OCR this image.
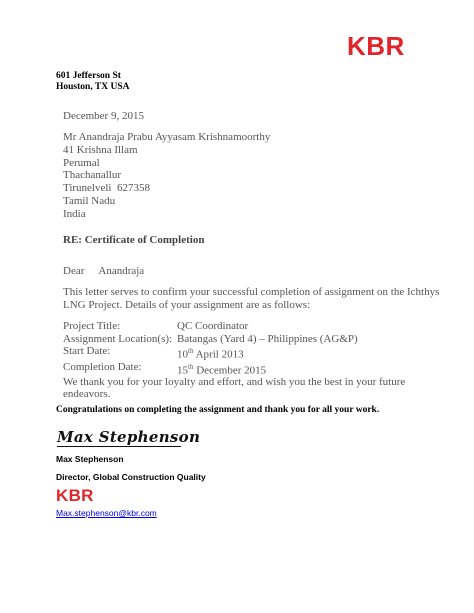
KBR
601 Jefferson St
Houston, TX USA
December 9, 2015
Mr Anandraja Prabu Ayyasam Krishnamoorthy
41 Krishna Illam
Perumal
Thachanallur
Tirunelveli  627358
Tamil Nadu
India
RE: Certificate of Completion
Dear Anandraja
This letter serves to confirm your successful completion of assignment on the Ichthys LNG Project. Details of your assignment are as follows:
Project Title:	QC Coordinator
Assignment Location(s): Batangas (Yard 4) – Philippines (AG&P)
Start Date:	10th April 2013
Completion Date:	15th December 2015
We thank you for your loyalty and effort, and wish you the best in your future endeavors.
Congratulations on completing the assignment and thank you for all your work.
Max Stephenson
Max Stephenson
Director, Global Construction Quality
KBR
Max.stephenson@kbr.com
